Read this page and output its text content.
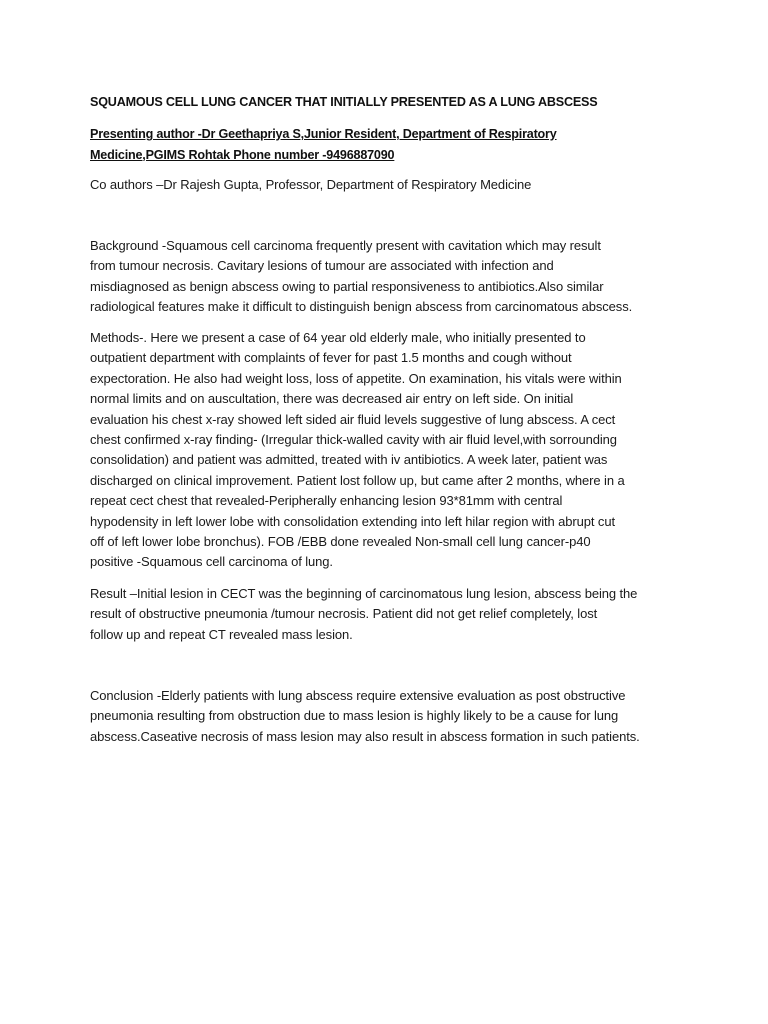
SQUAMOUS CELL LUNG CANCER THAT INITIALLY PRESENTED AS A LUNG ABSCESS
Presenting author -Dr Geethapriya S,Junior Resident, Department of Respiratory
Medicine,PGIMS Rohtak Phone number -9496887090
Co authors –Dr Rajesh Gupta, Professor, Department of Respiratory Medicine

Background -Squamous cell carcinoma frequently present with cavitation which may result
from tumour necrosis. Cavitary lesions of tumour are associated with infection and
misdiagnosed as benign abscess owing to partial responsiveness to antibiotics.Also similar
radiological features make it difficult to distinguish benign abscess from carcinomatous abscess.

Methods-. Here we present a case of 64 year old elderly male, who initially presented to
outpatient department with complaints of fever for past 1.5 months and cough without
expectoration. He also had weight loss, loss of appetite. On examination, his vitals were within
normal limits and on auscultation, there was decreased air entry on left side. On initial
evaluation his chest x-ray showed left sided air fluid levels suggestive of lung abscess. A cect
chest confirmed x-ray finding- (Irregular thick-walled cavity with air fluid level,with sorrounding
consolidation) and patient was admitted, treated with iv antibiotics. A week later, patient was
discharged on clinical improvement. Patient lost follow up, but came after 2 months, where in a
repeat cect chest that revealed-Peripherally enhancing lesion 93*81mm with central
hypodensity in left lower lobe with consolidation extending into left hilar region with abrupt cut
off of left lower lobe bronchus). FOB /EBB done revealed Non-small cell lung cancer-p40
positive -Squamous cell carcinoma of lung.

Result –Initial lesion in CECT was the beginning of carcinomatous lung lesion, abscess being the
result of obstructive pneumonia /tumour necrosis. Patient did not get relief completely, lost
follow up and repeat CT revealed mass lesion.

Conclusion -Elderly patients with lung abscess require extensive evaluation as post obstructive
pneumonia resulting from obstruction due to mass lesion is highly likely to be a cause for lung
abscess.Caseative necrosis of mass lesion may also result in abscess formation in such patients.
